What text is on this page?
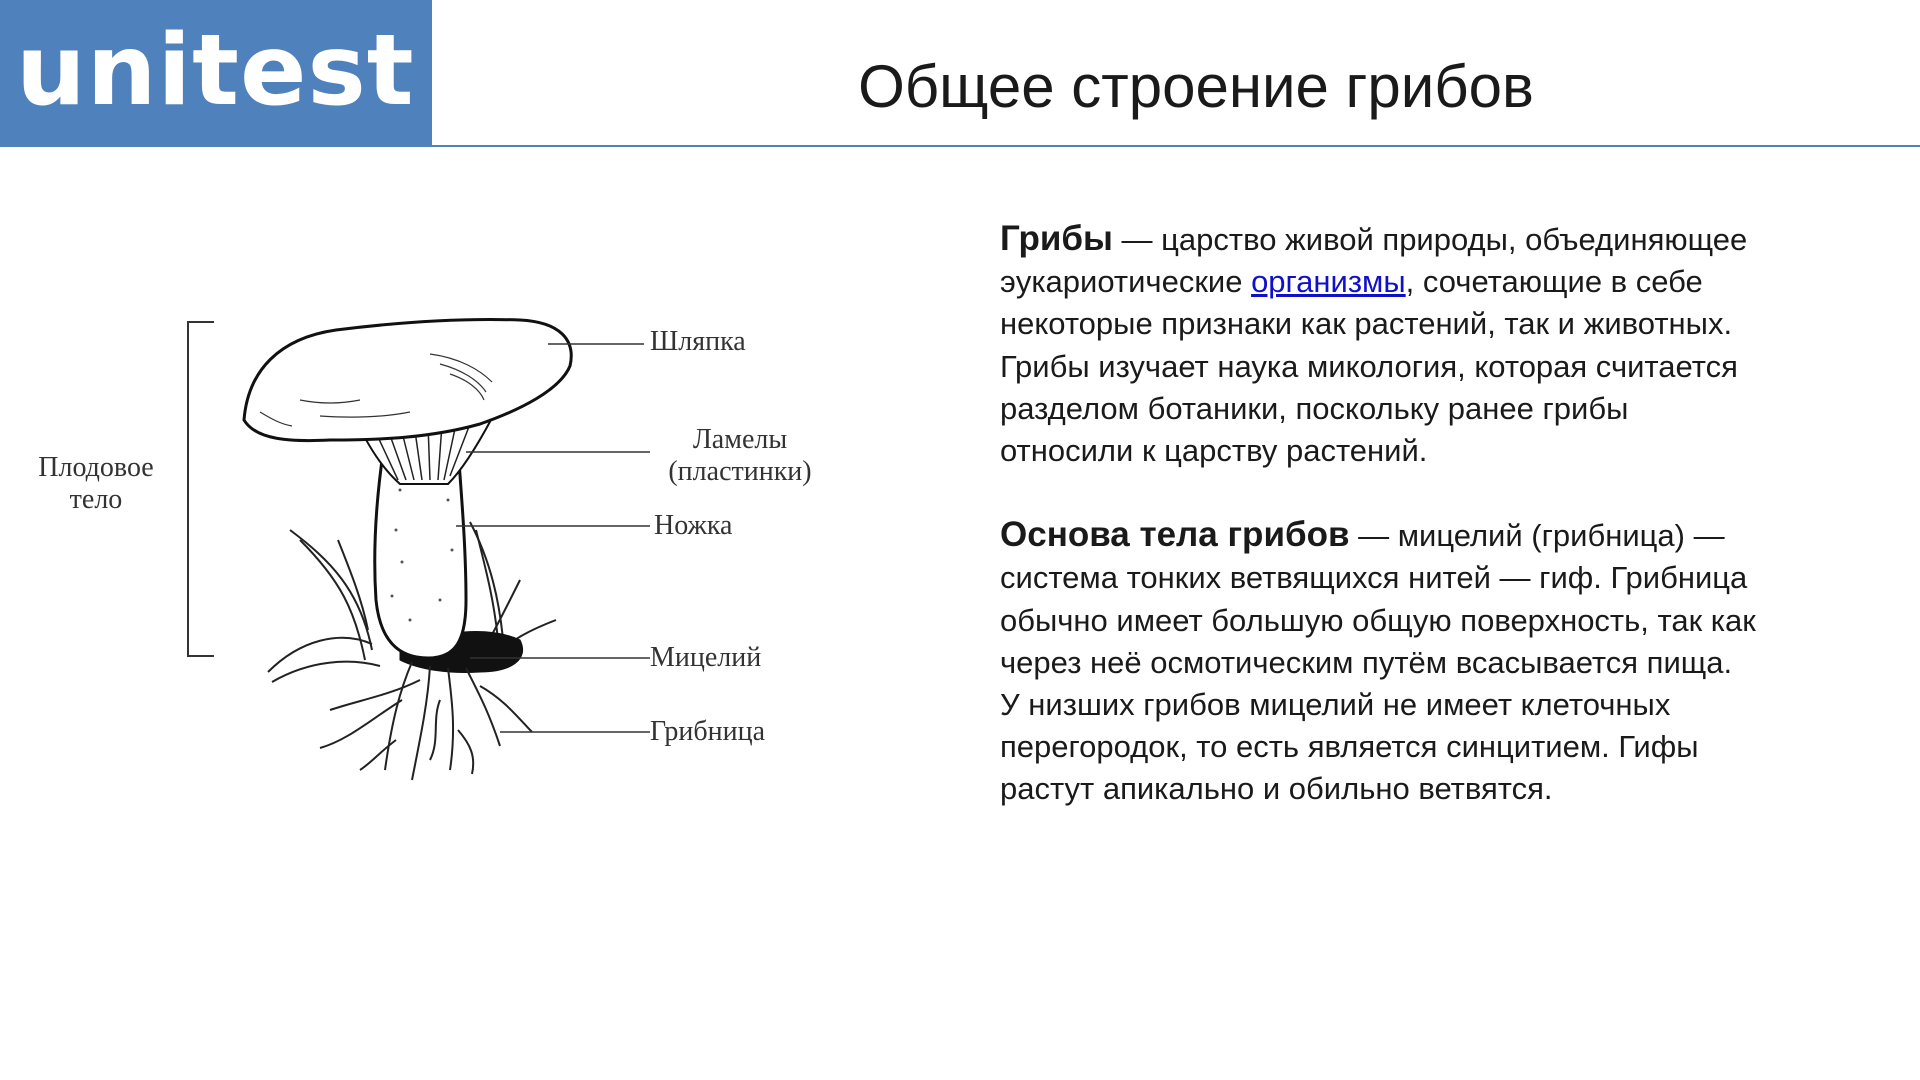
unitest	Общее строение грибов
Плодовое тело
Шляпка
Ламелы (пластинки)
Ножка
Мицелий
Грибница

Грибы — царство живой природы, объединяющее эукариотические организмы, сочетающие в себе некоторые признаки как растений, так и животных. Грибы изучает наука микология, которая считается разделом ботаники, поскольку ранее грибы относили к царству растений.

Основа тела грибов — мицелий (грибница) — система тонких ветвящихся нитей — гиф. Грибница обычно имеет большую общую поверхность, так как через неё осмотическим путём всасывается пища. У низших грибов мицелий не имеет клеточных перегородок, то есть является синцитием. Гифы растут апикально и обильно ветвятся.
